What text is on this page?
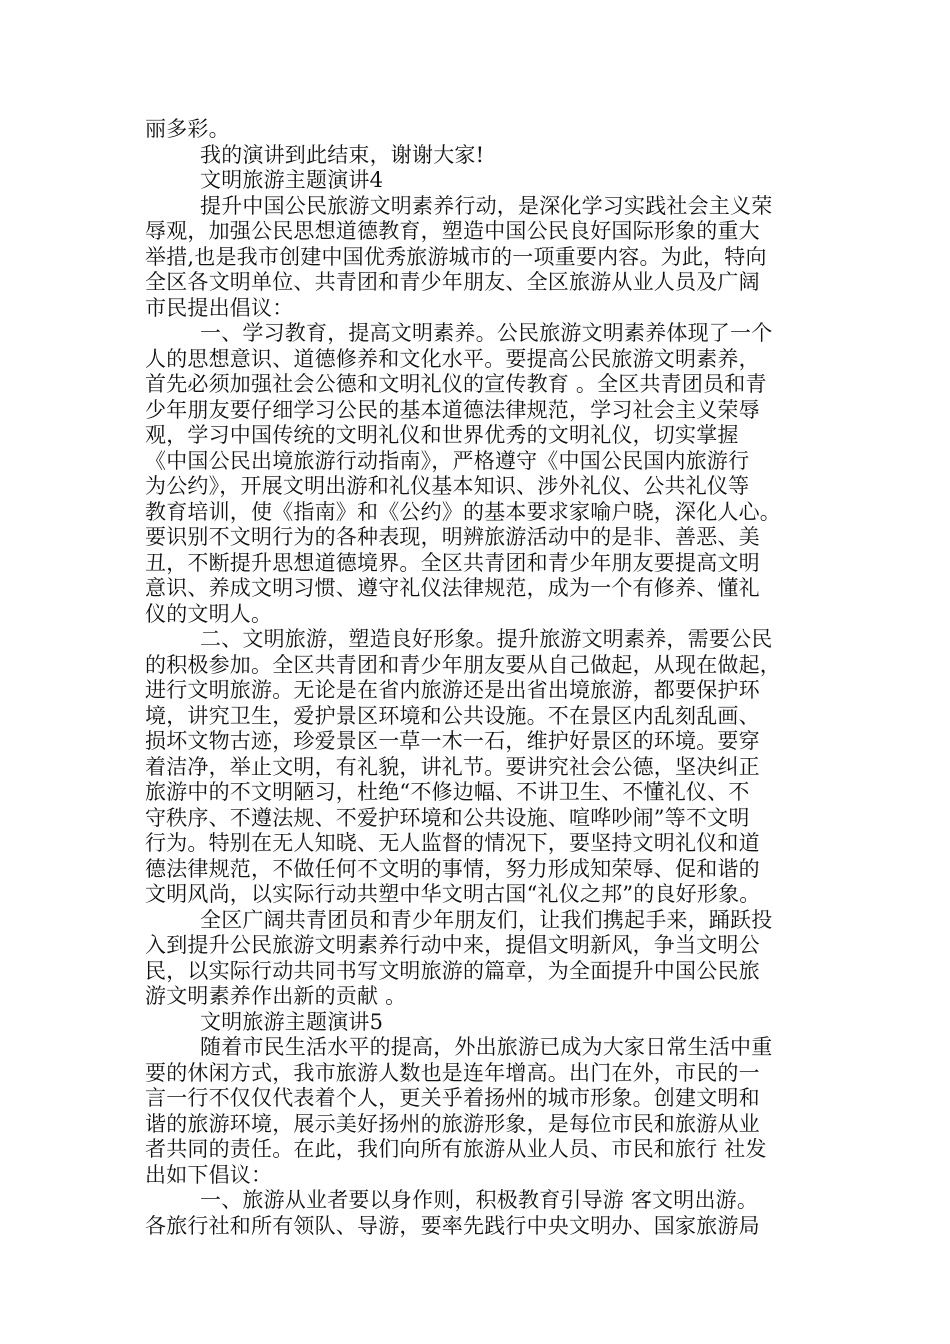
丽多彩。
我的演讲到此结束，谢谢大家!
文明旅游主题演讲4
提升中国公民旅游文明素养行动，是深化学习实践社会主义荣
辱观，加强公民思想道德教育，塑造中国公民良好国际形象的重大
举措,也是我市创建中国优秀旅游城市的一项重要内容。为此，特向
全区各文明单位、共青团和青少年朋友、全区旅游从业人员及广阔
市民提出倡议：
一、学习教育，提高文明素养。公民旅游文明素养体现了一个
人的思想意识、道德修养和文化水平。要提高公民旅游文明素养，
首先必须加强社会公德和文明礼仪的宣传教育 。全区共青团员和青
少年朋友要仔细学习公民的基本道德法律规范，学习社会主义荣辱
观，学习中国传统的文明礼仪和世界优秀的文明礼仪，切实掌握
《中国公民出境旅游行动指南》，严格遵守《中国公民国内旅游行
为公约》，开展文明出游和礼仪基本知识、涉外礼仪、公共礼仪等
教育培训，使《指南》和《公约》的基本要求家喻户晓，深化人心。
要识别不文明行为的各种表现，明辨旅游活动中的是非、善恶、美
丑，不断提升思想道德境界。全区共青团和青少年朋友要提高文明
意识、养成文明习惯、遵守礼仪法律规范，成为一个有修养、懂礼
仪的文明人。
二、文明旅游，塑造良好形象。提升旅游文明素养，需要公民
的积极参加。全区共青团和青少年朋友要从自己做起，从现在做起，
进行文明旅游。无论是在省内旅游还是出省出境旅游，都要保护环
境，讲究卫生，爱护景区环境和公共设施。不在景区内乱刻乱画、
损坏文物古迹，珍爱景区一草一木一石，维护好景区的环境。要穿
着洁净，举止文明，有礼貌，讲礼节。要讲究社会公德，坚决纠正
旅游中的不文明陋习，杜绝“不修边幅、不讲卫生、不懂礼仪、不
守秩序、不遵法规、不爱护环境和公共设施、喧哗吵闹”等不文明
行为。特别在无人知晓、无人监督的情况下，要坚持文明礼仪和道
德法律规范，不做任何不文明的事情，努力形成知荣辱、促和谐的
文明风尚，以实际行动共塑中华文明古国“礼仪之邦”的良好形象。
全区广阔共青团员和青少年朋友们，让我们携起手来，踊跃投
入到提升公民旅游文明素养行动中来，提倡文明新风，争当文明公
民，以实际行动共同书写文明旅游的篇章，为全面提升中国公民旅
游文明素养作出新的贡献 。
文明旅游主题演讲5
随着市民生活水平的提高，外出旅游已成为大家日常生活中重
要的休闲方式，我市旅游人数也是连年增高。出门在外，市民的一
言一行不仅仅代表着个人，更关乎着扬州的城市形象。创建文明和
谐的旅游环境，展示美好扬州的旅游形象，是每位市民和旅游从业
者共同的责任。在此，我们向所有旅游从业人员、市民和旅行 社发
出如下倡议：
一、旅游从业者要以身作则，积极教育引导游 客文明出游。
各旅行社和所有领队、导游，要率先践行中央文明办、国家旅游局
